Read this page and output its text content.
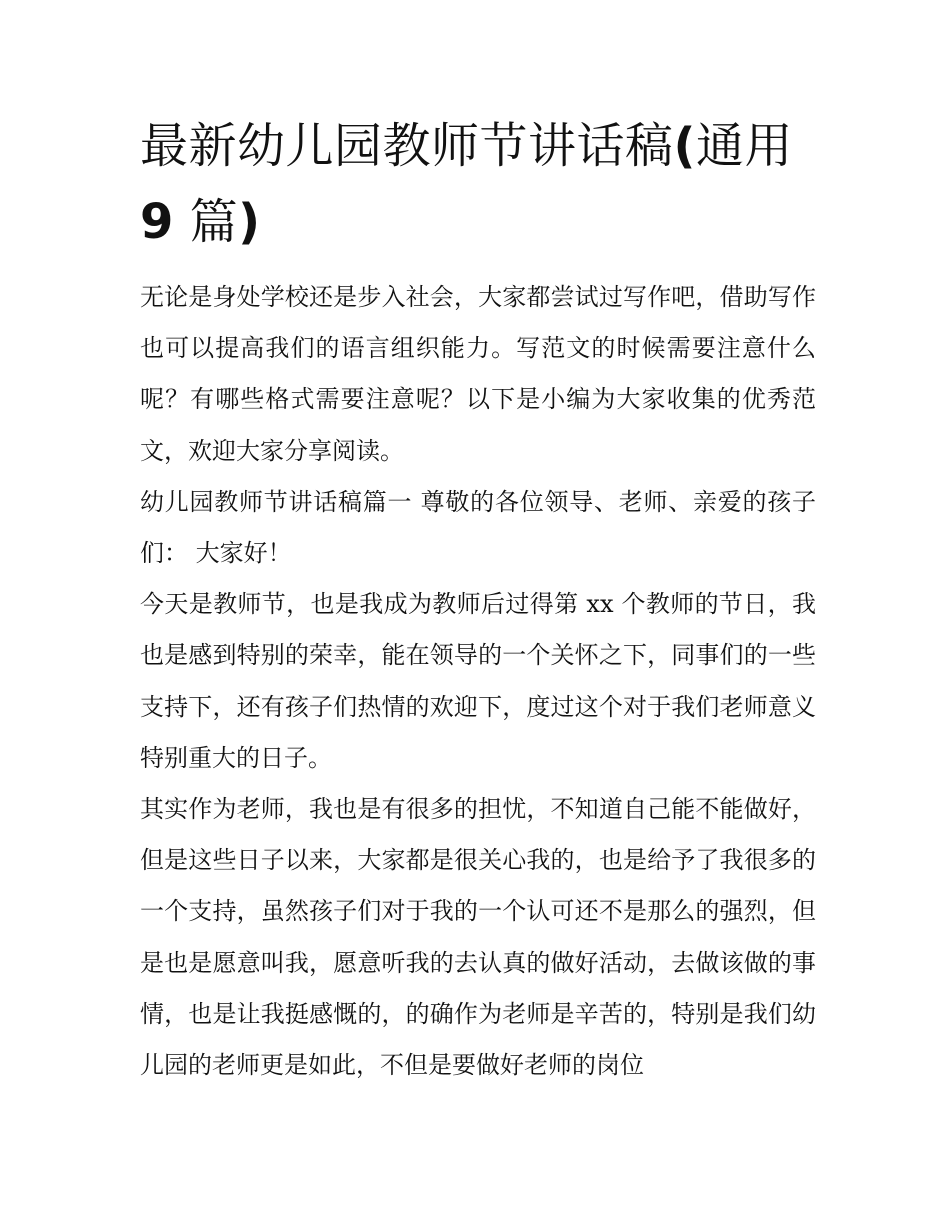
最新幼儿园教师节讲话稿(通用
9 篇)

无论是身处学校还是步入社会，大家都尝试过写作吧，借助写作也可以提高我们的语言组织能力。写范文的时候需要注意什么呢？有哪些格式需要注意呢？以下是小编为大家收集的优秀范文，欢迎大家分享阅读。

幼儿园教师节讲话稿篇一 尊敬的各位领导、老师、亲爱的孩子们： 大家好！

今天是教师节，也是我成为教师后过得第 xx 个教师的节日，我也是感到特别的荣幸，能在领导的一个关怀之下，同事们的一些支持下，还有孩子们热情的欢迎下，度过这个对于我们老师意义特别重大的日子。

其实作为老师，我也是有很多的担忧，不知道自己能不能做好，但是这些日子以来，大家都是很关心我的，也是给予了我很多的一个支持，虽然孩子们对于我的一个认可还不是那么的强烈，但是也是愿意叫我，愿意听我的去认真的做好活动，去做该做的事情，也是让我挺感慨的，的确作为老师是辛苦的，特别是我们幼儿园的老师更是如此，不但是要做好老师的岗位
